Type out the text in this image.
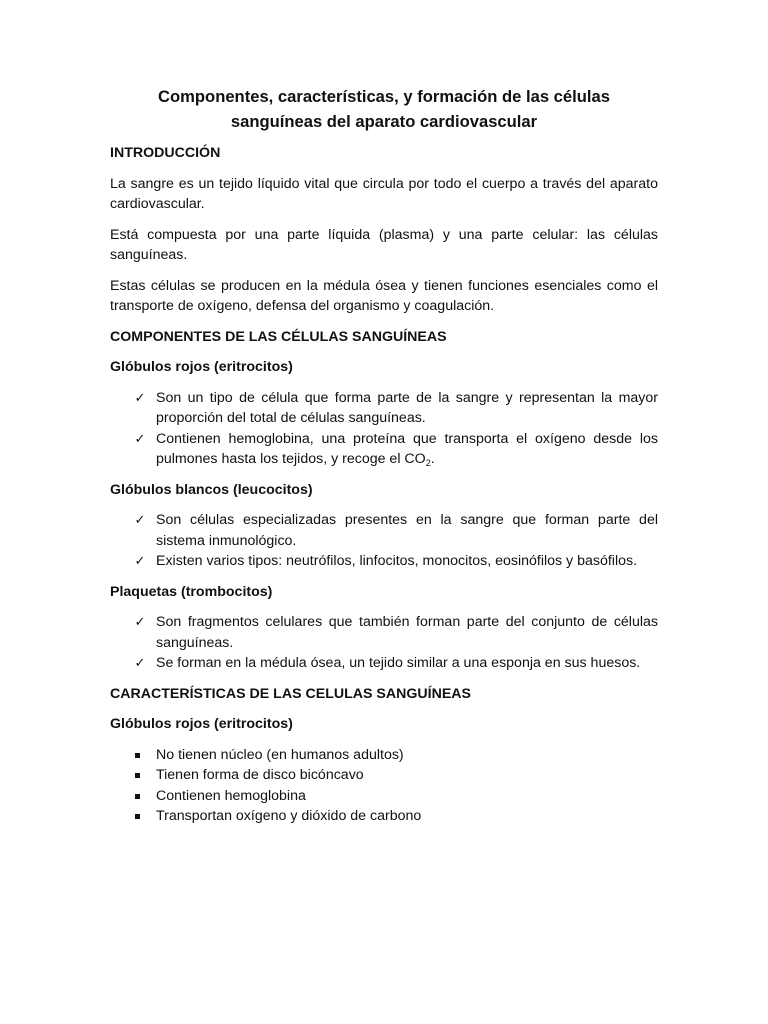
Componentes, características, y formación de las células sanguíneas del aparato cardiovascular
INTRODUCCIÓN
La sangre es un tejido líquido vital que circula por todo el cuerpo a través del aparato cardiovascular.
Está compuesta por una parte líquida (plasma) y una parte celular: las células sanguíneas.
Estas células se producen en la médula ósea y tienen funciones esenciales como el transporte de oxígeno, defensa del organismo y coagulación.
COMPONENTES DE LAS CÉLULAS SANGUÍNEAS
Glóbulos rojos (eritrocitos)
✓ Son un tipo de célula que forma parte de la sangre y representan la mayor proporción del total de células sanguíneas.
✓ Contienen hemoglobina, una proteína que transporta el oxígeno desde los pulmones hasta los tejidos, y recoge el $CO_2$.
Glóbulos blancos (leucocitos)
✓ Son células especializadas presentes en la sangre que forman parte del sistema inmunológico.
✓ Existen varios tipos: neutrófilos, linfocitos, monocitos, eosinófilos y basófilos.
Plaquetas (trombocitos)
✓ Son fragmentos celulares que también forman parte del conjunto de células sanguíneas.
✓ Se forman en la médula ósea, un tejido similar a una esponja en sus huesos.
CARACTERÍSTICAS DE LAS CELULAS SANGUÍNEAS
Glóbulos rojos (eritrocitos)
No tienen núcleo (en humanos adultos)
Tienen forma de disco bicóncavo
Contienen hemoglobina
Transportan oxígeno y dióxido de carbono
